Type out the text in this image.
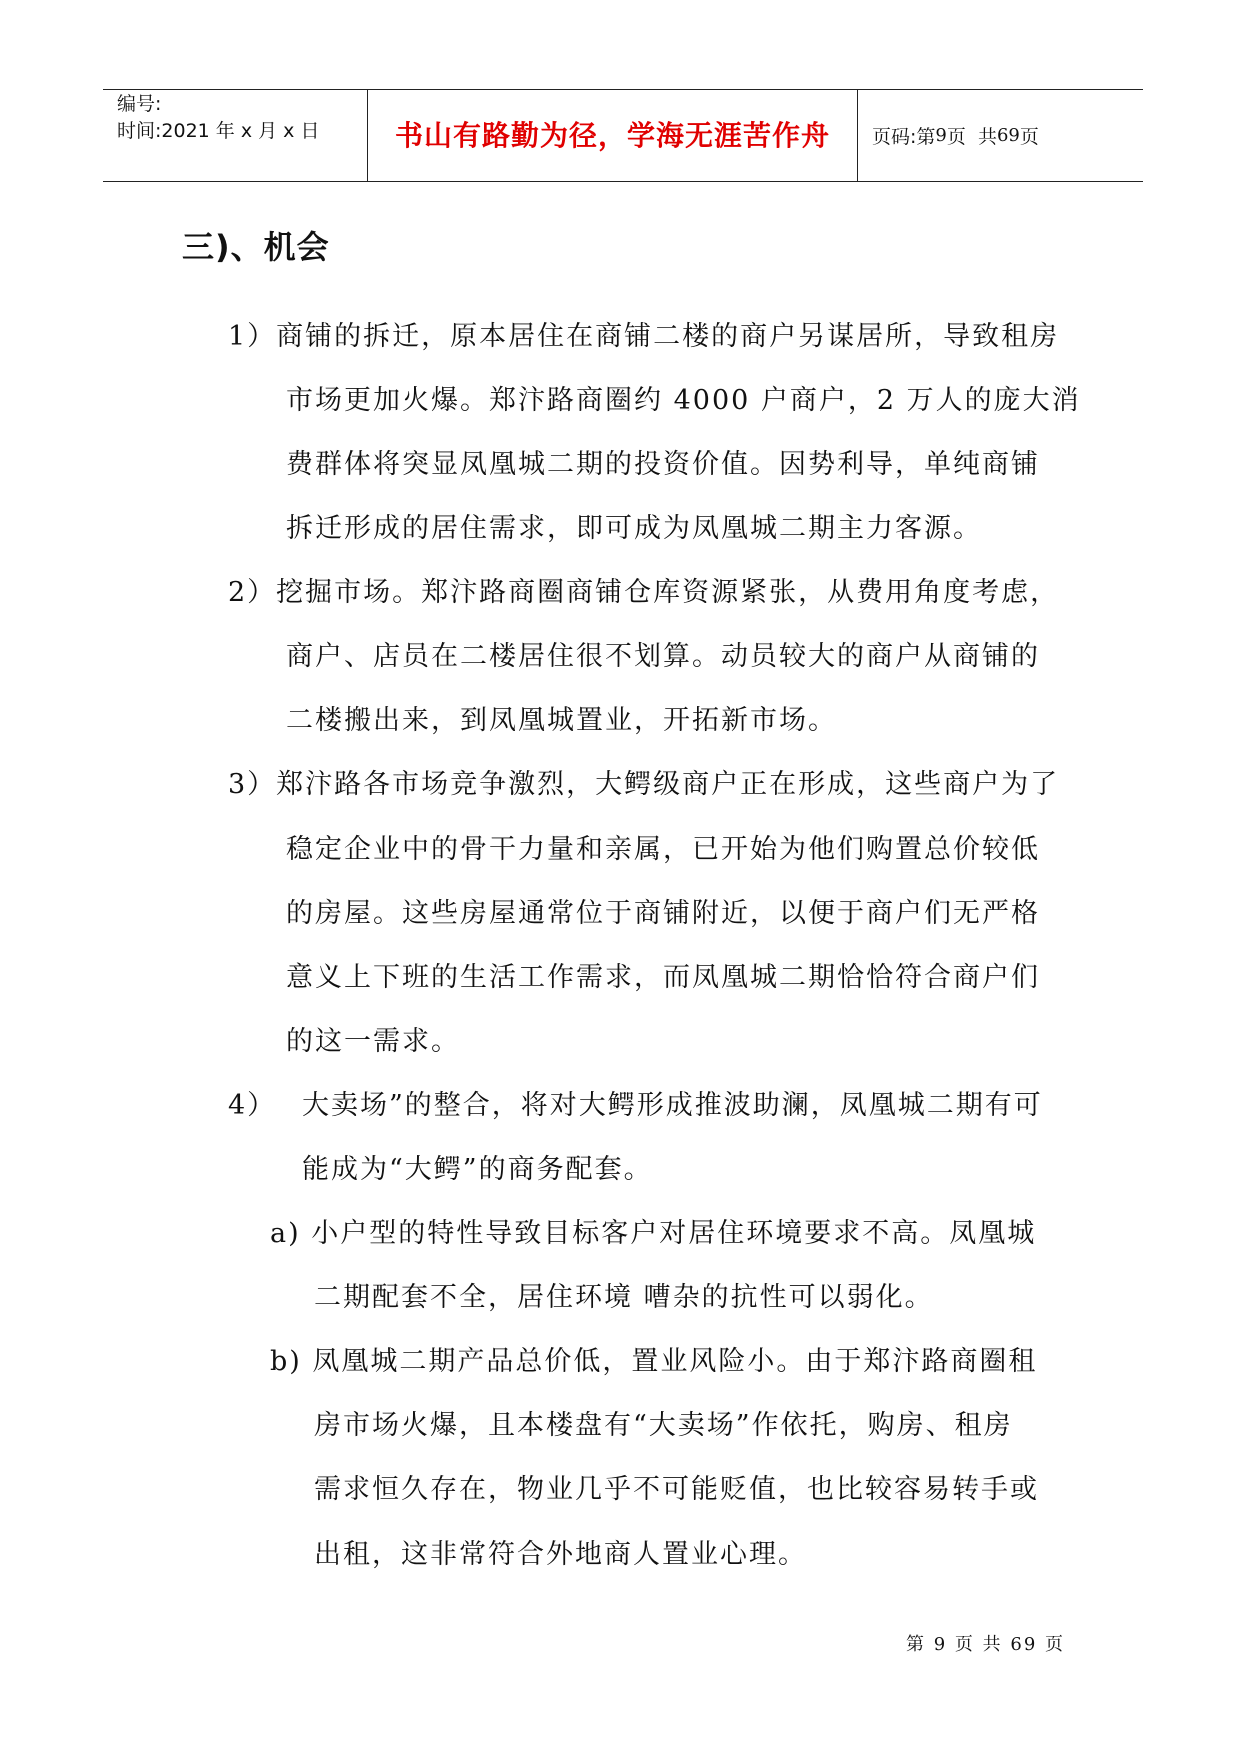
编号:
时间:2021 年 x 月 x 日	书山有路勤为径，学海无涯苦作舟 页码:第 9 页  共 69 页
三)、机会
1）商铺的拆迁，原本居住在商铺二楼的商户另谋居所，导致租房
市场更加火爆。郑汴路商圈约 4000 户商户，2 万人的庞大消
费群体将突显凤凰城二期的投资价值。因势利导，单纯商铺
拆迁形成的居住需求，即可成为凤凰城二期主力客源。
2）挖掘市场。郑汴路商圈商铺仓库资源紧张，从费用角度考虑，
商户、店员在二楼居住很不划算。动员较大的商户从商铺的
二楼搬出来，到凤凰城置业，开拓新市场。
3）郑汴路各市场竞争激烈，大鳄级商户正在形成，这些商户为了
稳定企业中的骨干力量和亲属，已开始为他们购置总价较低
的房屋。这些房屋通常位于商铺附近，以便于商户们无严格
意义上下班的生活工作需求，而凤凰城二期恰恰符合商户们
的这一需求。
4） 大卖场”的整合，将对大鳄形成推波助澜，凤凰城二期有可
能成为“大鳄”的商务配套。
a) 小户型的特性导致目标客户对居住环境要求不高。凤凰城
二期配套不全，居住环境 嘈杂的抗性可以弱化。
b) 凤凰城二期产品总价低，置业风险小。由于郑汴路商圈租
房市场火爆，且本楼盘有“大卖场”作依托，购房、租房
需求恒久存在，物业几乎不可能贬值，也比较容易转手或
出租，这非常符合外地商人置业心理。
第 9 页 共 69 页
